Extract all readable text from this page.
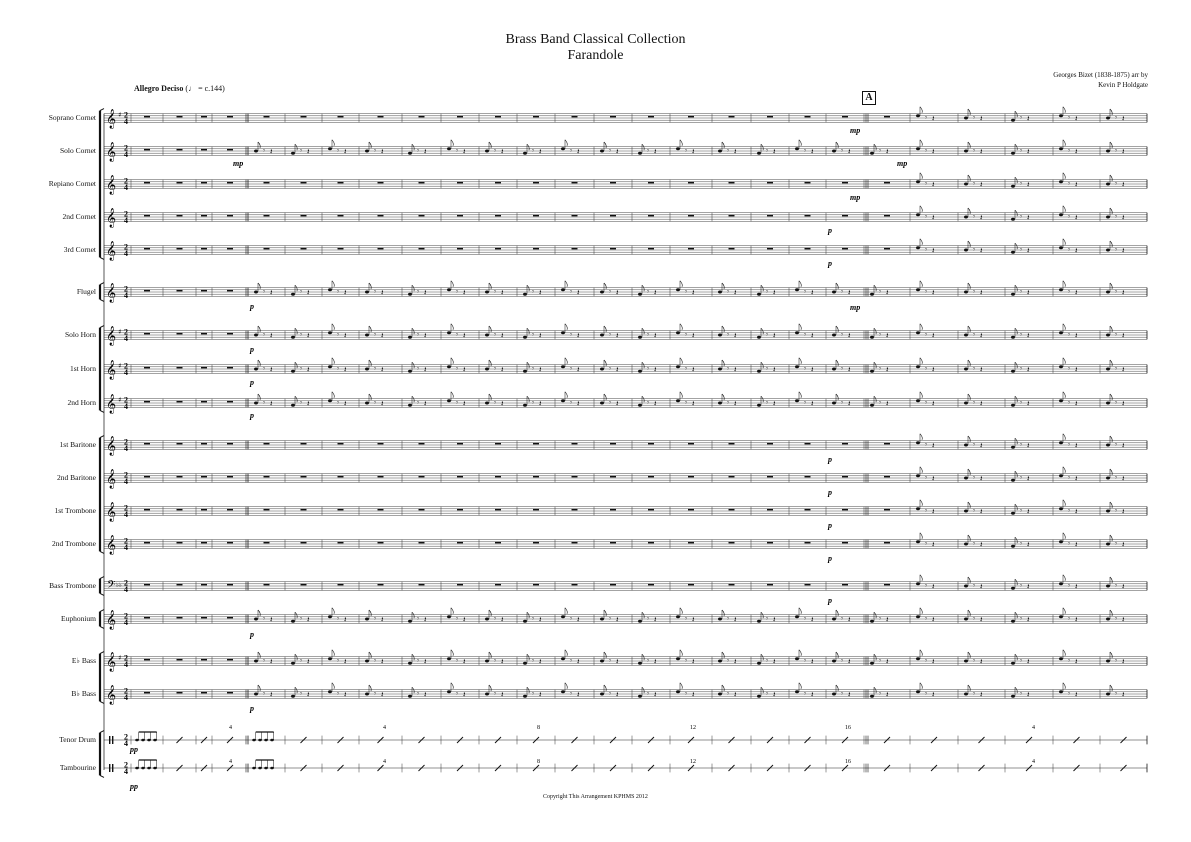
Brass Band Classical Collection
Farandole
Georges Bizet (1838-1875) arr by
Kevin P Holdgate
Allegro Deciso (♩ = c.144)
A
Soprano Cornet
Solo Cornet
Repiano Cornet
2nd Cornet
3rd Cornet
Flugel
Solo Horn
1st Horn
2nd Horn
1st Baritone
2nd Baritone
1st Trombone
2nd Trombone
Bass Trombone
Euphonium
E♭ Bass
B♭ Bass
Tenor Drum
Tambourine
𝄞 ♯ 2
4	𝄾 𝄽	𝄾 𝄽	𝄾 𝄽	𝄾 𝄽	𝄾 𝄽
𝄞 2
4	𝄾 𝄽	𝄾 𝄽	𝄾 𝄽	𝄾 𝄽	𝄾 𝄽	𝄾 𝄽	𝄾 𝄽	𝄾 𝄽	𝄾 𝄽	𝄾 𝄽	𝄾 𝄽	𝄾 𝄽	𝄾 𝄽	𝄾 𝄽	𝄾 𝄽	𝄾 𝄽	𝄾 𝄽	𝄾 𝄽	𝄾 𝄽	𝄾 𝄽	𝄾 𝄽	𝄾 𝄽
𝄞 2
4	𝄾 𝄽	𝄾 𝄽	𝄾 𝄽	𝄾 𝄽	𝄾 𝄽
𝄞 2
4	𝄾 𝄽	𝄾 𝄽	𝄾 𝄽	𝄾 𝄽	𝄾 𝄽
𝄞 2
4	𝄾 𝄽	𝄾 𝄽	𝄾 𝄽	𝄾 𝄽	𝄾 𝄽
𝄞 2
4	𝄾 𝄽	𝄾 𝄽	𝄾 𝄽	𝄾 𝄽	𝄾 𝄽	𝄾 𝄽	𝄾 𝄽	𝄾 𝄽	𝄾 𝄽	𝄾 𝄽	𝄾 𝄽	𝄾 𝄽	𝄾 𝄽	𝄾 𝄽	𝄾 𝄽	𝄾 𝄽	𝄾 𝄽	𝄾 𝄽	𝄾 𝄽	𝄾 𝄽	𝄾 𝄽	𝄾 𝄽
𝄞 ♯ 2
4	𝄾 𝄽	𝄾 𝄽	𝄾 𝄽	𝄾 𝄽	𝄾 𝄽	𝄾 𝄽	𝄾 𝄽	𝄾 𝄽	𝄾 𝄽	𝄾 𝄽	𝄾 𝄽	𝄾 𝄽	𝄾 𝄽	𝄾 𝄽	𝄾 𝄽	𝄾 𝄽	𝄾 𝄽	𝄾 𝄽	𝄾 𝄽	𝄾 𝄽	𝄾 𝄽	𝄾 𝄽
𝄞 ♯ 2
4	𝄾 𝄽	𝄾 𝄽	𝄾 𝄽	𝄾 𝄽	𝄾 𝄽	𝄾 𝄽	𝄾 𝄽	𝄾 𝄽	𝄾 𝄽	𝄾 𝄽	𝄾 𝄽	𝄾 𝄽	𝄾 𝄽	𝄾 𝄽	𝄾 𝄽	𝄾 𝄽	𝄾 𝄽	𝄾 𝄽	𝄾 𝄽	𝄾 𝄽	𝄾 𝄽	𝄾 𝄽
𝄞 ♯ 2
4	𝄾 𝄽	𝄾 𝄽	𝄾 𝄽	𝄾 𝄽	𝄾 𝄽	𝄾 𝄽	𝄾 𝄽	𝄾 𝄽	𝄾 𝄽	𝄾 𝄽	𝄾 𝄽	𝄾 𝄽	𝄾 𝄽	𝄾 𝄽	𝄾 𝄽	𝄾 𝄽	𝄾 𝄽	𝄾 𝄽	𝄾 𝄽	𝄾 𝄽	𝄾 𝄽	𝄾 𝄽
𝄞 2
4	𝄾 𝄽	𝄾 𝄽	𝄾 𝄽	𝄾 𝄽	𝄾 𝄽
𝄞 2
4	𝄾 𝄽	𝄾 𝄽	𝄾 𝄽	𝄾 𝄽	𝄾 𝄽
𝄞 2
4	𝄾 𝄽	𝄾 𝄽	𝄾 𝄽	𝄾 𝄽	𝄾 𝄽
𝄞 2
4	𝄾 𝄽	𝄾 𝄽	𝄾 𝄽	𝄾 𝄽	𝄾 𝄽
𝄢 ♭♭ 2
4	𝄾 𝄽	𝄾 𝄽	𝄾 𝄽	𝄾 𝄽	𝄾 𝄽
𝄞 2
4	𝄾 𝄽	𝄾 𝄽	𝄾 𝄽	𝄾 𝄽	𝄾 𝄽	𝄾 𝄽	𝄾 𝄽	𝄾 𝄽	𝄾 𝄽	𝄾 𝄽	𝄾 𝄽	𝄾 𝄽	𝄾 𝄽	𝄾 𝄽	𝄾 𝄽	𝄾 𝄽	𝄾 𝄽	𝄾 𝄽	𝄾 𝄽	𝄾 𝄽	𝄾 𝄽	𝄾 𝄽
𝄞 ♯ 2
4	𝄾 𝄽	𝄾 𝄽	𝄾 𝄽	𝄾 𝄽	𝄾 𝄽	𝄾 𝄽	𝄾 𝄽	𝄾 𝄽	𝄾 𝄽	𝄾 𝄽	𝄾 𝄽	𝄾 𝄽	𝄾 𝄽	𝄾 𝄽	𝄾 𝄽	𝄾 𝄽	𝄾 𝄽	𝄾 𝄽	𝄾 𝄽	𝄾 𝄽	𝄾 𝄽	𝄾 𝄽
𝄞 2
4	𝄾 𝄽	𝄾 𝄽	𝄾 𝄽	𝄾 𝄽	𝄾 𝄽	𝄾 𝄽	𝄾 𝄽	𝄾 𝄽	𝄾 𝄽	𝄾 𝄽	𝄾 𝄽	𝄾 𝄽	𝄾 𝄽	𝄾 𝄽	𝄾 𝄽	𝄾 𝄽	𝄾 𝄽	𝄾 𝄽	𝄾 𝄽	𝄾 𝄽	𝄾 𝄽	𝄾 𝄽
2
4
2
4
mp
mp
mp
mp
mp
p
p
p
p
p
p
p
p
p
p
p
p
p
pp
pp
4
4
4
4
8
8
12
12
16
16
4
4
Copyright This Arrangement KPHMS 2012
